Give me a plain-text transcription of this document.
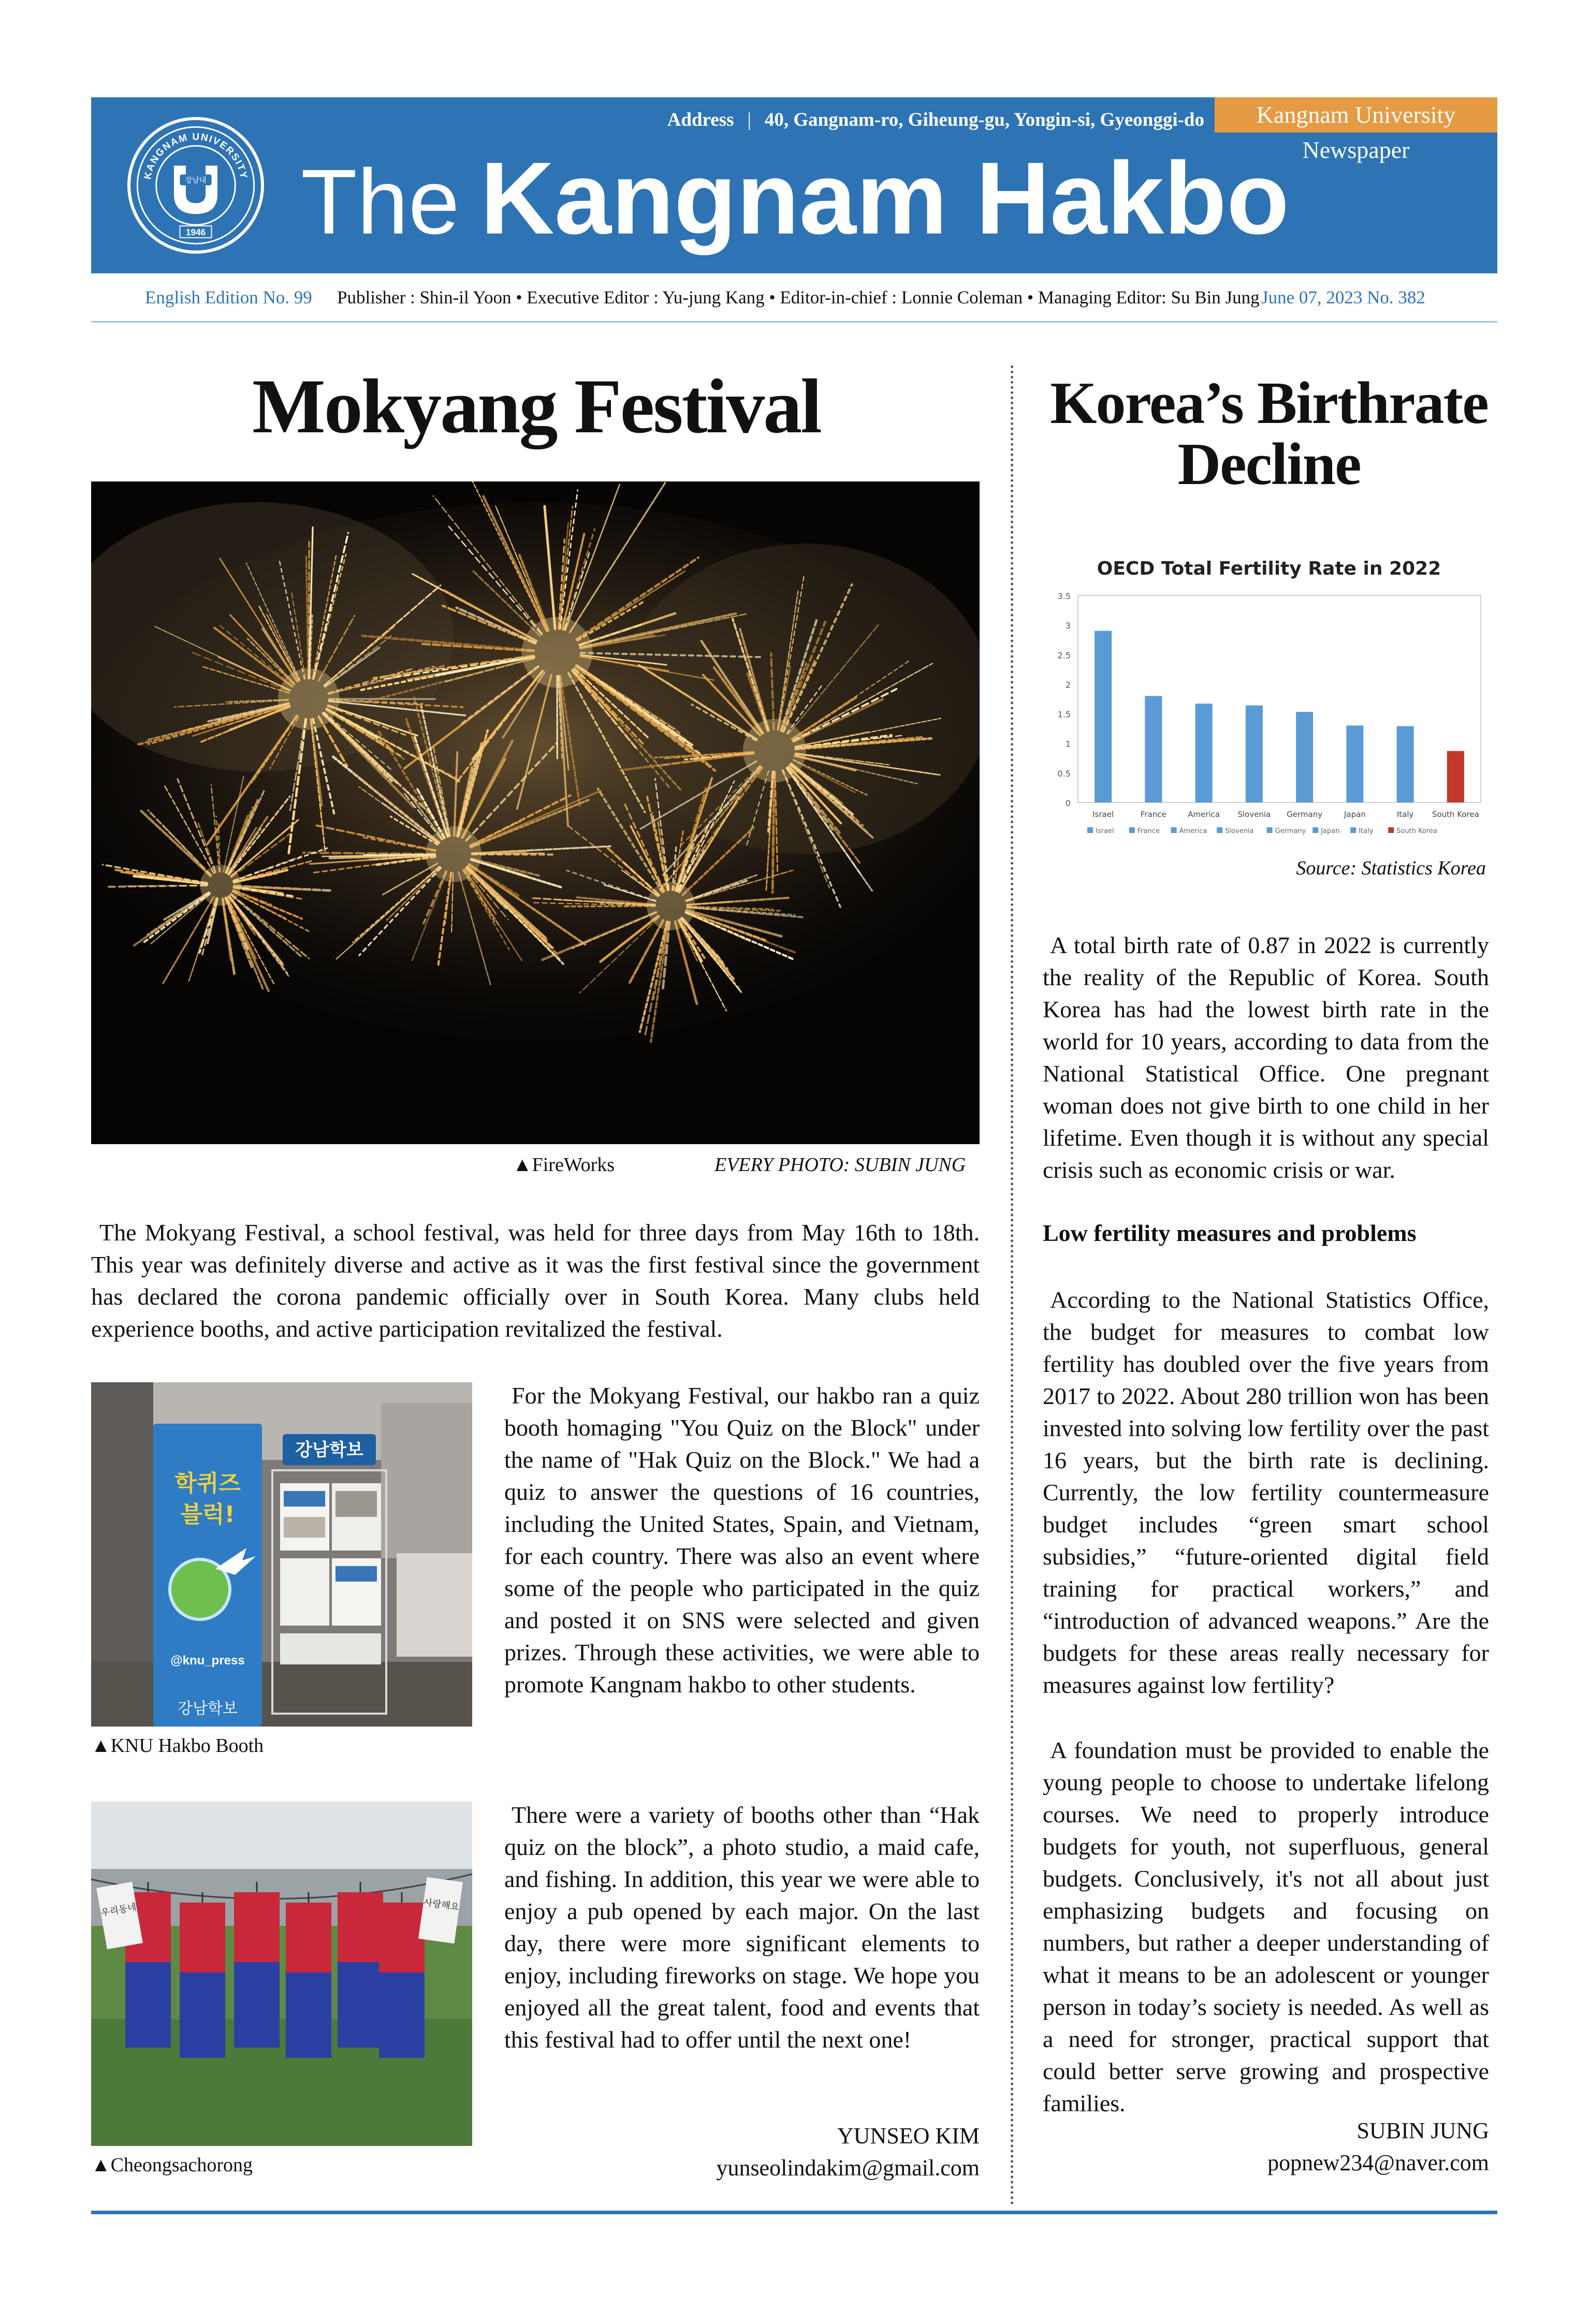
Address | 40, Gangnam-ro, Giheung-gu, Yongin-si, Gyeonggi-do	Kangnam University Newspaper
KANGNAM UNIVERSITY
강남대
1946 The Kangnam Hakbo
English Edition No. 99 Publisher : Shin-il Yoon • Executive Editor : Yu-jung Kang • Editor-in-chief : Lonnie Coleman • Managing Editor: Su Bin Jung June 07, 2023 No. 382
Mokyang Festival
▲FireWorks	EVERY PHOTO: SUBIN JUNG

The Mokyang Festival, a school festival, was held for three days from May 16th to 18th. This year was definitely diverse and active as it was the first festival since the government has declared the corona pandemic officially over in South Korea. Many clubs held experience booths, and active participation revitalized the festival.

학퀴즈
블럭!
@knu_press
강남학보
강남학보
▲KNU Hakbo Booth

For the Mokyang Festival, our hakbo ran a quiz booth homaging "You Quiz on the Block" under the name of "Hak Quiz on the Block." We had a quiz to answer the questions of 16 countries, including the United States, Spain, and Vietnam, for each country. There was also an event where some of the people who participated in the quiz and posted it on SNS were selected and given prizes. Through these activities, we were able to promote Kangnam hakbo to other students.

우리동네	사랑해요
▲Cheongsachorong

There were a variety of booths other than “Hak quiz on the block”, a photo studio, a maid cafe, and fishing. In addition, this year we were able to enjoy a pub opened by each major. On the last day, there were more significant elements to enjoy, including fireworks on stage. We hope you enjoyed all the great talent, food and events that this festival had to offer until the next one!

YUNSEO KIM
yunseolindakim@gmail.com
Korea’s Birthrate Decline
OECD Total Fertility Rate in 2022
0
0.5
1
1.5
2
2.5
3
3.5
Israel	France	America Slovenia Germany	Japan	Italy South Korea
Israel	France	America	Slovenia	Germany Japan	Italy	South Korea
Source: Statistics Korea

A total birth rate of 0.87 in 2022 is currently the reality of the Republic of Korea. South Korea has had the lowest birth rate in the world for 10 years, according to data from the National Statistical Office. One pregnant woman does not give birth to one child in her lifetime. Even though it is without any special crisis such as economic crisis or war.

Low fertility measures and problems

According to the National Statistics Office, the budget for measures to combat low fertility has doubled over the five years from 2017 to 2022. About 280 trillion won has been invested into solving low fertility over the past 16 years, but the birth rate is declining. Currently, the low fertility countermeasure budget includes “green smart school subsidies,” “future-oriented digital field training for practical workers,” and “introduction of advanced weapons.” Are the budgets for these areas really necessary for measures against low fertility?

A foundation must be provided to enable the young people to choose to undertake lifelong courses. We need to properly introduce budgets for youth, not superfluous, general budgets. Conclusively, it's not all about just emphasizing budgets and focusing on numbers, but rather a deeper understanding of what it means to be an adolescent or younger person in today’s society is needed. As well as a need for stronger, practical support that could better serve growing and prospective families.

SUBIN JUNG
popnew234@naver.com
